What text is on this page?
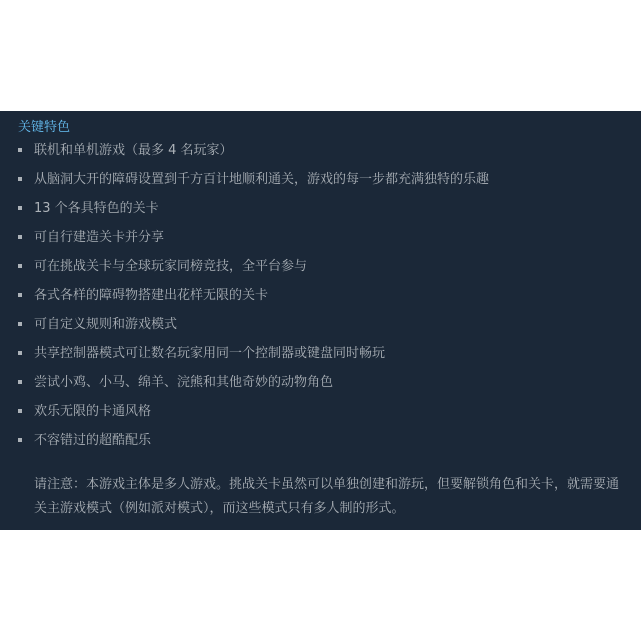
关键特色
联机和单机游戏（最多 4 名玩家）
从脑洞大开的障碍设置到千方百计地顺利通关，游戏的每一步都充满独特的乐趣
13 个各具特色的关卡
可自行建造关卡并分享
可在挑战关卡与全球玩家同榜竞技，全平台参与
各式各样的障碍物搭建出花样无限的关卡
可自定义规则和游戏模式
共享控制器模式可让数名玩家用同一个控制器或键盘同时畅玩
尝试小鸡、小马、绵羊、浣熊和其他奇妙的动物角色
欢乐无限的卡通风格
不容错过的超酷配乐
请注意：本游戏主体是多人游戏。挑战关卡虽然可以单独创建和游玩，但要解锁角色和关卡，就需要通关主游戏模式（例如派对模式），而这些模式只有多人制的形式。
